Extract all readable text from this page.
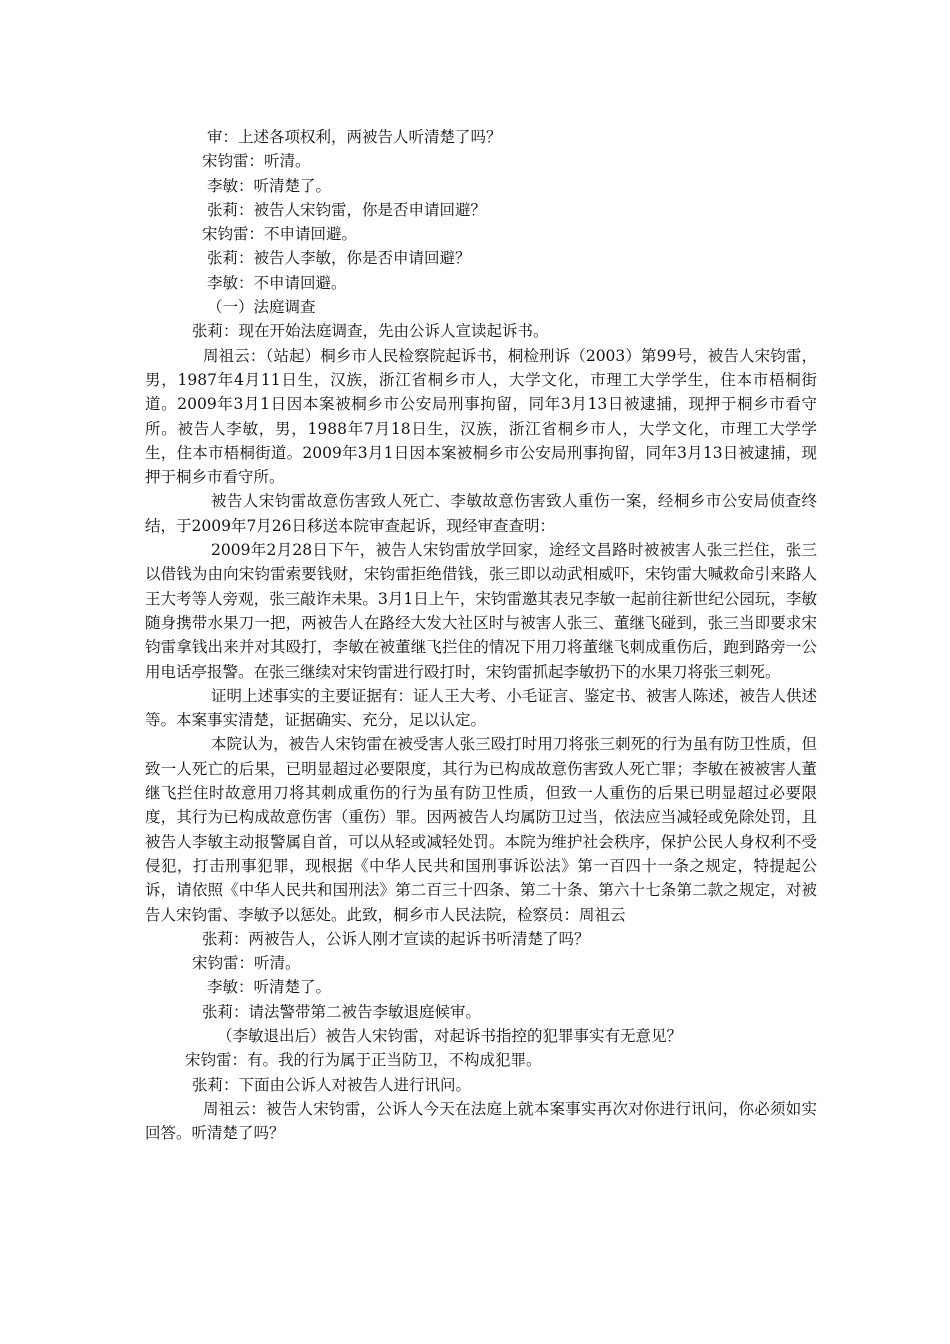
审：上述各项权利，两被告人听清楚了吗？

宋钧雷：听清。

李敏：听清楚了。

张莉：被告人宋钧雷，你是否申请回避？

宋钧雷：不申请回避。

张莉：被告人李敏，你是否申请回避？

李敏：不申请回避。

（一）法庭调查

张莉：现在开始法庭调查，先由公诉人宣读起诉书。

周祖云：（站起）桐乡市人民检察院起诉书，桐检刑诉（2003）第99号，被告人宋钧雷，男，1987年4月11日生，汉族，浙江省桐乡市人，大学文化，市理工大学学生，住本市梧桐街道。2009年3月1日因本案被桐乡市公安局刑事拘留，同年3月13日被逮捕，现押于桐乡市看守所。被告人李敏，男，1988年7月18日生，汉族，浙江省桐乡市人，大学文化，市理工大学学生，住本市梧桐街道。2009年3月1日因本案被桐乡市公安局刑事拘留，同年3月13日被逮捕，现押于桐乡市看守所。

被告人宋钧雷故意伤害致人死亡、李敏故意伤害致人重伤一案，经桐乡市公安局侦查终结，于2009年7月26日移送本院审查起诉，现经审查查明：

2009年2月28日下午，被告人宋钧雷放学回家，途经文昌路时被被害人张三拦住，张三以借钱为由向宋钧雷索要钱财，宋钧雷拒绝借钱，张三即以动武相威吓，宋钧雷大喊救命引来路人王大考等人旁观，张三敲诈未果。3月1日上午，宋钧雷邀其表兄李敏一起前往新世纪公园玩，李敏随身携带水果刀一把，两被告人在路经大发大社区时与被害人张三、董继飞碰到，张三当即要求宋钧雷拿钱出来并对其殴打，李敏在被董继飞拦住的情况下用刀将董继飞刺成重伤后，跑到路旁一公用电话亭报警。在张三继续对宋钧雷进行殴打时，宋钧雷抓起李敏扔下的水果刀将张三刺死。

证明上述事实的主要证据有：证人王大考、小毛证言、鉴定书、被害人陈述，被告人供述等。本案事实清楚，证据确实、充分，足以认定。

本院认为，被告人宋钧雷在被受害人张三殴打时用刀将张三刺死的行为虽有防卫性质，但致一人死亡的后果，已明显超过必要限度，其行为已构成故意伤害致人死亡罪；李敏在被被害人董继飞拦住时故意用刀将其刺成重伤的行为虽有防卫性质，但致一人重伤的后果已明显超过必要限度，其行为已构成故意伤害（重伤）罪。因两被告人均属防卫过当，依法应当减轻或免除处罚，且被告人李敏主动报警属自首，可以从轻或减轻处罚。本院为维护社会秩序，保护公民人身权利不受侵犯，打击刑事犯罪，现根据《中华人民共和国刑事诉讼法》第一百四十一条之规定，特提起公诉，请依照《中华人民共和国刑法》第二百三十四条、第二十条、第六十七条第二款之规定，对被告人宋钧雷、李敏予以惩处。此致，桐乡市人民法院，检察员：周祖云

张莉：两被告人，公诉人刚才宣读的起诉书听清楚了吗？

宋钧雷：听清。

李敏：听清楚了。

张莉：请法警带第二被告李敏退庭候审。

（李敏退出后）被告人宋钧雷，对起诉书指控的犯罪事实有无意见？

宋钧雷：有。我的行为属于正当防卫，不构成犯罪。

张莉：下面由公诉人对被告人进行讯问。

周祖云：被告人宋钧雷，公诉人今天在法庭上就本案事实再次对你进行讯问，你必须如实回答。听清楚了吗？
